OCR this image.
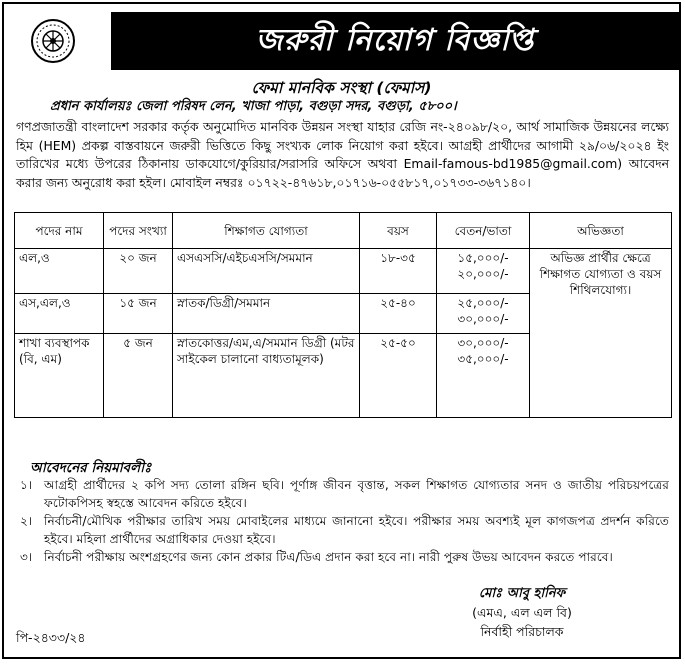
জরুরী নিয়োগ বিজ্ঞপ্তি
ফেমা মানবিক সংস্থা (ফেমাস)
প্রধান কার্যালয়ঃ জেলা পরিষদ লেন, খাজা পাড়া, বগুড়া সদর, বগুড়া, ৫৮০০।
গণপ্রজাতন্ত্রী বাংলাদেশ সরকার কর্তৃক অনুমোদিত মানবিক উন্নয়ন সংস্থা যাহার রেজি নং-২৪০৯৮/২০, আর্থ সামাজিক উন্নয়নের লক্ষ্যে হিম (HEM) প্রকল্প বাস্তবায়নে জরুরী ভিত্তিতে কিছু সংখ্যক লোক নিয়োগ করা হইবে। আগ্রহী প্রার্থীদের আগামী ২৯/০৬/২০২৪ ইং তারিখের মধ্যে উপরের ঠিকানায় ডাকযোগে/কুরিয়ার/সরাসরি অফিসে অথবা Email-famous-bd1985@gmail.com) আবেদন করার জন্য অনুরোধ করা হইল। মোবাইল নম্বরঃ ০১৭২২-৪৭৬১৮,০১৭১৬-০৫৫৮১৭,০১৭৩৩-৩৬৭১৪০।
পদের নাম	পদের সংখ্যা	শিক্ষাগত যোগ্যতা	বয়স	বেতন/ভাতা	অভিজ্ঞতা
এল,ও	২০ জন	এসএসসি/এইচএসসি/সমমান	১৮-৩৫	১৫,০০০/- ২০,০০০/-	অভিজ্ঞ প্রার্থীর ক্ষেত্রে শিক্ষাগত যোগ্যতা ও বয়স শিথিলযোগ্য।
এস,এল,ও	১৫ জন	স্নাতক/ডিগ্রী/সমমান	২৫-৪০	২৫,০০০/- ৩০,০০০/-	
শাখা ব্যবস্থাপক (বি, এম)	৫ জন	স্নাতকোত্তর/এম,এ/সমমান ডিগ্রী (মটর সাইকেল চালানো বাধ্যতামূলক)	২৫-৫০	৩০,০০০/- ৩৫,০০০/-	
আবেদনের নিয়মাবলীঃ
১। আগ্রহী প্রার্থীদের ২ কপি সদ্য তোলা রঙ্গিন ছবি। পূর্ণাঙ্গ জীবন বৃত্তান্ত, সকল শিক্ষাগত যোগ্যতার সনদ ও জাতীয় পরিচয়পত্রের ফটোকপিসহ স্বহস্তে আবেদন করিতে হইবে।
২। নির্বাচনী/মৌখিক পরীক্ষার তারিখ সময় মোবাইলের মাধ্যমে জানানো হইবে। পরীক্ষার সময় অবশ্যই মূল কাগজপত্র প্রদর্শন করিতে হইবে। মহিলা প্রার্থীদের অগ্রাধিকার দেওয়া হইবে।
৩। নির্বাচনী পরীক্ষায় অংশগ্রহণের জন্য কোন প্রকার টিএ/ডিএ প্রদান করা হবে না। নারী পুরুষ উভয় আবেদন করতে পারবে।
মোঃ আবু হানিফ
(এমএ, এল এল বি)
নির্বাহী পরিচালক
পি-২৪৩৩/২৪
